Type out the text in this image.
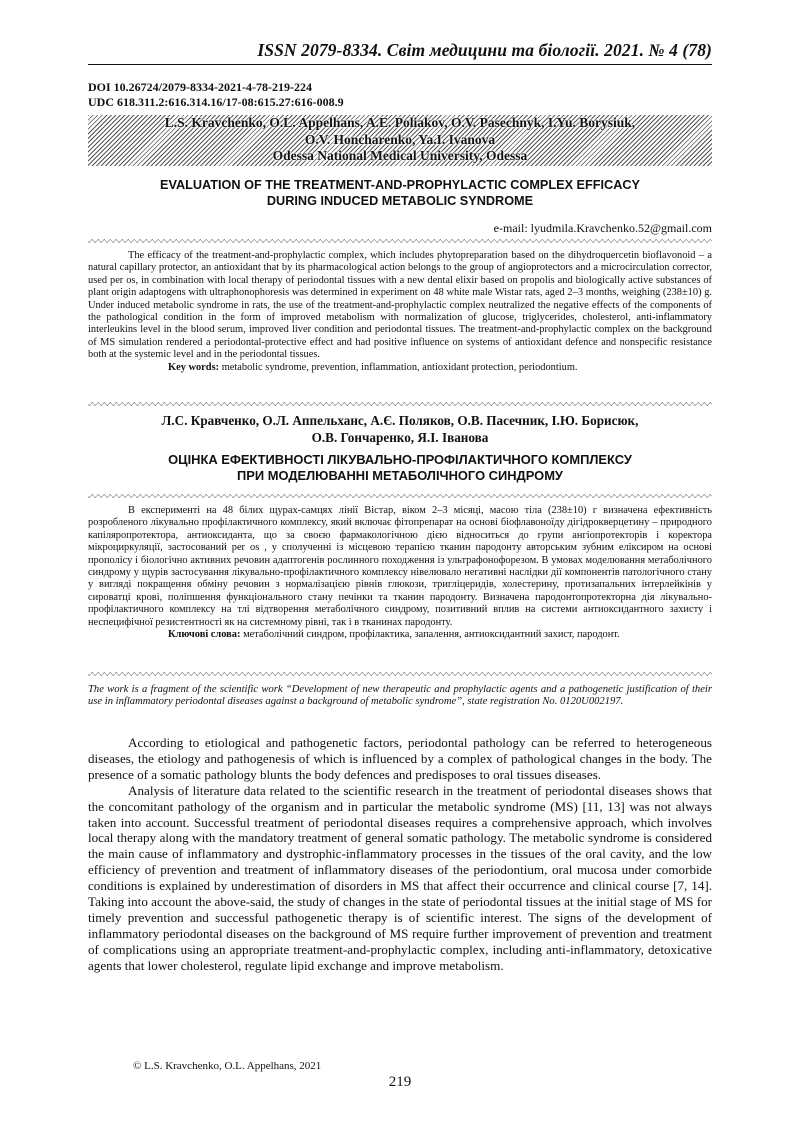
ISSN 2079-8334. Світ медицини та біології. 2021. № 4 (78)
DOI 10.26724/2079-8334-2021-4-78-219-224
UDC 618.311.2:616.314.16/17-08:615.27:616-008.9
L.S. Kravchenko, O.L. Appelhans, A.E. Poliakov, O.V. Pasechnyk, I.Yu. Borysiuk,
O.V. Honcharenko, Ya.I. Ivanova
Odessa National Medical University, Odessa
EVALUATION OF THE TREATMENT-AND-PROPHYLACTIC COMPLEX EFFICACY
DURING INDUCED METABOLIC SYNDROME
e-mail: lyudmila.Kravchenko.52@gmail.com

The efficacy of the treatment-and-prophylactic complex, which includes phytopreparation based on the dihydroquercetin bioflavonoid – a natural capillary protector, an antioxidant that by its pharmacological action belongs to the group of angioprotectors and a microcirculation corrector, used per os, in combination with local therapy of periodontal tissues with a new dental elixir based on propolis and biologically active substances of plant origin adaptogens with ultraphonophoresis was determined in experiment on 48 white male Wistar rats, aged 2–3 months, weighing (238±10) g. Under induced metabolic syndrome in rats, the use of the treatment-and-prophylactic complex neutralized the negative effects of the components of the pathological condition in the form of improved metabolism with normalization of glucose, triglycerides, cholesterol, anti-inflammatory interleukins level in the blood serum, improved liver condition and periodontal tissues. The treatment-and-prophylactic complex on the background of MS simulation rendered a periodontal-protective effect and had positive influence on systems of antioxidant defence and nonspecific resistance both at the systemic level and in the periodontal tissues.

Key words: metabolic syndrome, prevention, inflammation, antioxidant protection, periodontium.

Л.С. Кравченко, О.Л. Аппельханс, А.Є. Поляков, О.В. Пасечник, І.Ю. Борисюк,
О.В. Гончаренко, Я.І. Іванова
ОЦІНКА ЕФЕКТИВНОСТІ ЛІКУВАЛЬНО-ПРОФІЛАКТИЧНОГО КОМПЛЕКСУ
ПРИ МОДЕЛЮВАННІ МЕТАБОЛІЧНОГО СИНДРОМУ

В експерименті на 48 білих щурах-самцях лінії Вістар, віком 2–3 місяці, масою тіла (238±10) г визначена ефективність розробленого лікувально профілактичного комплексу, який включає фітопрепарат на основі біофлавоноїду дігідрокверцетину – природного капіляропротектора, антиоксиданта, що за своєю фармакологічною дією відноситься до групи ангіопротекторів і коректора мікроциркуляції, застосований per os , у сполученні із місцевою терапією тканин пародонту авторським зубним еліксиром на основі прополісу і біологічно активних речовин адаптогенів рослинного походження із ультрафонофорезом. В умовах моделювання метаболічного синдрому у щурів застосування лікувально-профілактичного комплексу нівелювало негативні наслідки дії компонентів патологічного стану у вигляді покращення обміну речовин з нормалізацією рівнів глюкози, тригліцеридів, холестерину, протизапальних інтерлейкінів у сироватці крові, поліпшення функціонального стану печінки та тканин пародонту. Визначена пародонтопротекторна дія лікувально-профілактичного комплексу на тлі відтворення метаболічного синдрому, позитивний вплив на системи антиоксидантного захисту і неспецифічної резистентності як на системному рівні, так і в тканинах пародонту.

Ключові слова: метаболічний синдром, профілактика, запалення, антиоксидантний захист, пародонт.

The work is a fragment of the scientific work “Development of new therapeutic and prophylactic agents and a pathogenetic justification of their use in inflammatory periodontal diseases against a background of metabolic syndrome”, state registration No. 0120U002197.

According to etiological and pathogenetic factors, periodontal pathology can be referred to heterogeneous diseases, the etiology and pathogenesis of which is influenced by a complex of pathological changes in the body. The presence of a somatic pathology blunts the body defences and predisposes to oral tissues diseases.

Analysis of literature data related to the scientific research in the treatment of periodontal diseases shows that the concomitant pathology of the organism and in particular the metabolic syndrome (MS) [11, 13] was not always taken into account. Successful treatment of periodontal diseases requires a comprehensive approach, which involves local therapy along with the mandatory treatment of general somatic pathology. The metabolic syndrome is considered the main cause of inflammatory and dystrophic-inflammatory processes in the tissues of the oral cavity, and the low efficiency of prevention and treatment of inflammatory diseases of the periodontium, oral mucosa under comorbide conditions is explained by underestimation of disorders in MS that affect their occurrence and clinical course [7, 14]. Taking into account the above-said, the study of changes in the state of periodontal tissues at the initial stage of MS for timely prevention and successful pathogenetic therapy is of scientific interest. The signs of the development of inflammatory periodontal diseases on the background of MS require further improvement of prevention and treatment of complications using an appropriate treatment-and-prophylactic complex, including anti-inflammatory, detoxicative agents that lower cholesterol, regulate lipid exchange and improve metabolism.

© L.S. Kravchenko, O.L. Appelhans, 2021
219
